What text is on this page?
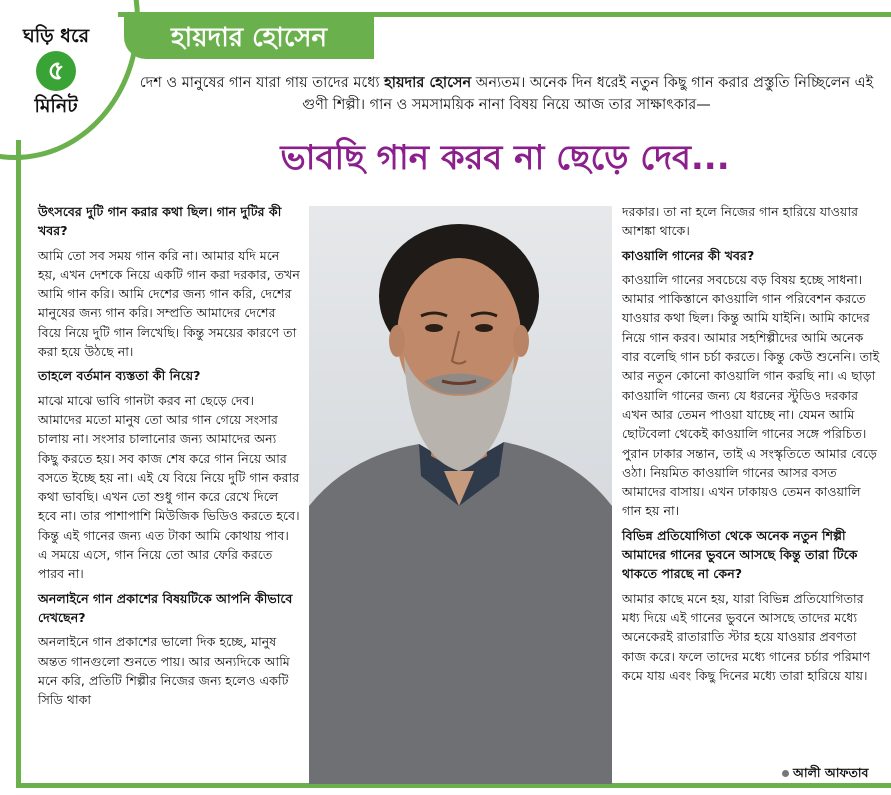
ঘড়ি ধরে
৫
মিনিট
হায়দার হোসেন
দেশ ও মানুষের গান যারা গায় তাদের মধ্যে হায়দার হোসেন অন্যতম। অনেক দিন ধরেই নতুন কিছু গান করার প্রস্তুতি নিচ্ছিলেন এই গুণী শিল্পী। গান ও সমসাময়িক নানা বিষয় নিয়ে আজ তার সাক্ষাৎকার—
ভাবছি গান করব না ছেড়ে দেব...

উৎসবের দুটি গান করার কথা ছিল। গান দুটির কী খবর?

আমি তো সব সময় গান করি না। আমার যদি মনে হয়, এখন দেশকে নিয়ে একটি গান করা দরকার, তখন আমি গান করি। আমি দেশের জন্য গান করি, দেশের মানুষের জন্য গান করি। সম্প্রতি আমাদের দেশের বিয়ে নিয়ে দুটি গান লিখেছি। কিন্তু সময়ের কারণে তা করা হয়ে উঠছে না।

তাহলে বর্তমান ব্যস্ততা কী নিয়ে?

মাঝে মাঝে ভাবি গানটা করব না ছেড়ে দেব। আমাদের মতো মানুষ তো আর গান গেয়ে সংসার চালায় না। সংসার চালানোর জন্য আমাদের অন্য কিছু করতে হয়। সব কাজ শেষ করে গান নিয়ে আর বসতে ইচ্ছে হয় না। এই যে বিয়ে নিয়ে দুটি গান করার কথা ভাবছি। এখন তো শুধু গান করে রেখে দিলে হবে না। তার পাশাপাশি মিউজিক ভিডিও করতে হবে। কিন্তু এই গানের জন্য এত টাকা আমি কোথায় পাব। এ সময়ে এসে, গান নিয়ে তো আর ফেরি করতে পারব না।

অনলাইনে গান প্রকাশের বিষয়টিকে আপনি কীভাবে দেখছেন?

অনলাইনে গান প্রকাশের ভালো দিক হচ্ছে, মানুষ অন্তত গানগুলো শুনতে পায়। আর অন্যদিকে আমি মনে করি, প্রতিটি শিল্পীর নিজের জন্য হলেও একটি সিডি থাকা

দরকার। তা না হলে নিজের গান হারিয়ে যাওয়ার আশঙ্কা থাকে।

কাওয়ালি গানের কী খবর?

কাওয়ালি গানের সবচেয়ে বড় বিষয় হচ্ছে সাধনা। আমার পাকিস্তানে কাওয়ালি গান পরিবেশন করতে যাওয়ার কথা ছিল। কিন্তু আমি যাইনি। আমি কাদের নিয়ে গান করব। আমার সহশিল্পীদের আমি অনেক বার বলেছি গান চর্চা করতে। কিন্তু কেউ শুনেনি। তাই আর নতুন কোনো কাওয়ালি গান করছি না। এ ছাড়া কাওয়ালি গানের জন্য যে ধরনের স্টুডিও দরকার এখন আর তেমন পাওয়া যাচ্ছে না। যেমন আমি ছোটবেলা থেকেই কাওয়ালি গানের সঙ্গে পরিচিত। পুরান ঢাকার সন্তান, তাই এ সংস্কৃতিতে আমার বেড়ে ওঠা। নিয়মিত কাওয়ালি গানের আসর বসত আমাদের বাসায়। এখন ঢাকায়ও তেমন কাওয়ালি গান হয় না।

বিভিন্ন প্রতিযোগিতা থেকে অনেক নতুন শিল্পী আমাদের গানের ভুবনে আসছে কিন্তু তারা টিকে থাকতে পারছে না কেন?

আমার কাছে মনে হয়, যারা বিভিন্ন প্রতিযোগিতার মধ্য দিয়ে এই গানের ভুবনে আসছে তাদের মধ্যে অনেকেরই রাতারাতি স্টার হয়ে যাওয়ার প্রবণতা কাজ করে। ফলে তাদের মধ্যে গানের চর্চার পরিমাণ কমে যায় এবং কিছু দিনের মধ্যে তারা হারিয়ে যায়।

আলী আফতাব
